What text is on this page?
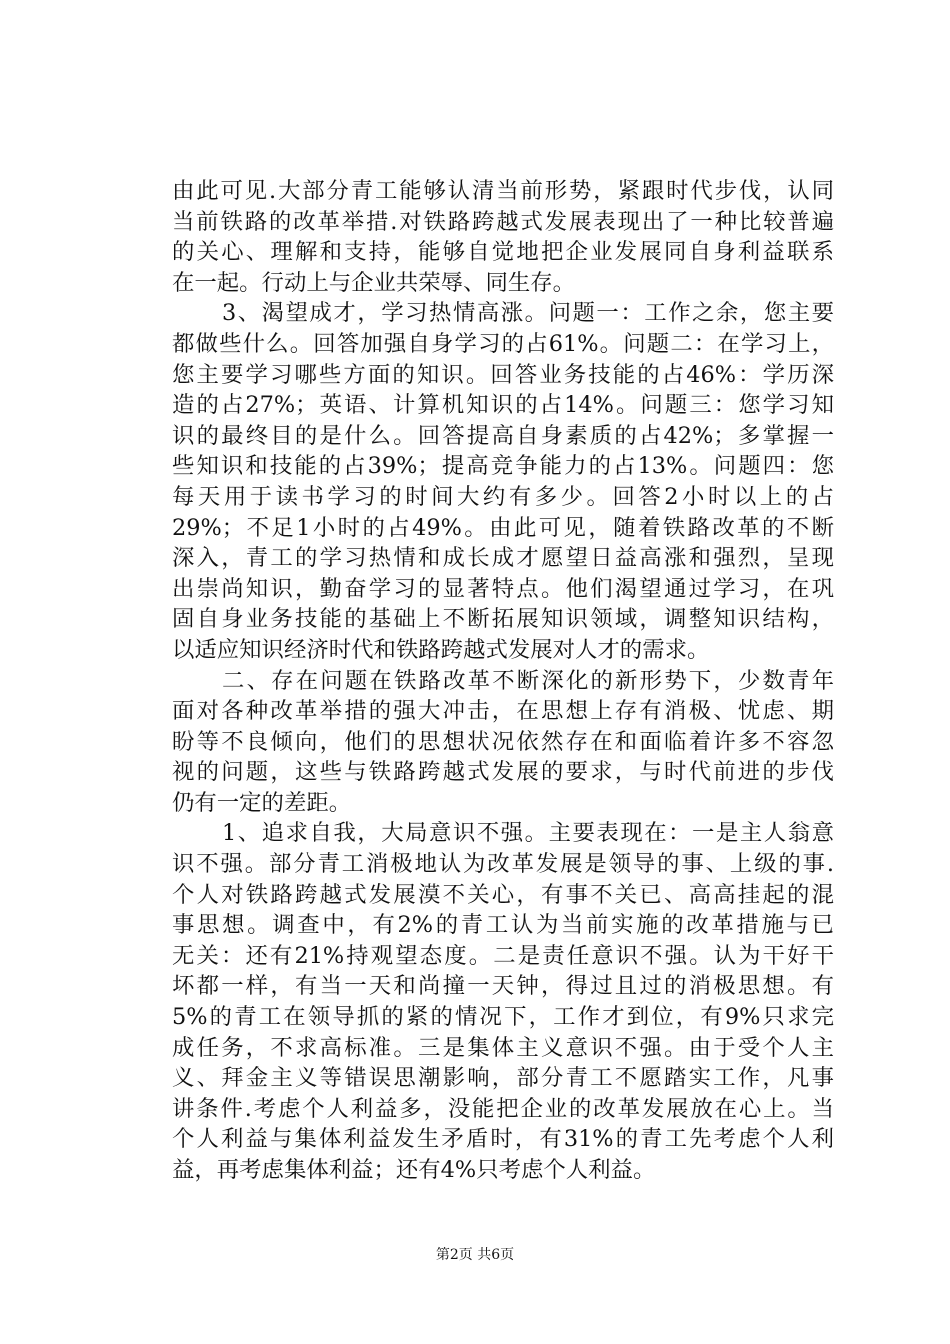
由此可见.大部分青工能够认清当前形势，紧跟时代步伐，认同
当前铁路的改革举措.对铁路跨越式发展表现出了一种比较普遍
的关心、理解和支持，能够自觉地把企业发展同自身利益联系
在一起。行动上与企业共荣辱、同生存。
3、渴望成才，学习热情高涨。问题一：工作之余，您主要
都做些什么。回答加强自身学习的占61%。问题二：在学习上，
您主要学习哪些方面的知识。回答业务技能的占46%：学历深
造的占27%；英语、计算机知识的占14%。问题三：您学习知
识的最终目的是什么。回答提高自身素质的占42%；多掌握一
些知识和技能的占39%；提高竞争能力的占13%。问题四：您
每天用于读书学习的时间大约有多少。回答2小时以上的占
29%；不足1小时的占49%。由此可见，随着铁路改革的不断
深入，青工的学习热情和成长成才愿望日益高涨和强烈，呈现
出崇尚知识，勤奋学习的显著特点。他们渴望通过学习，在巩
固自身业务技能的基础上不断拓展知识领域，调整知识结构，
以适应知识经济时代和铁路跨越式发展对人才的需求。
二、存在问题在铁路改革不断深化的新形势下，少数青年
面对各种改革举措的强大冲击，在思想上存有消极、忧虑、期
盼等不良倾向，他们的思想状况依然存在和面临着许多不容忽
视的问题，这些与铁路跨越式发展的要求，与时代前进的步伐
仍有一定的差距。
1、追求自我，大局意识不强。主要表现在：一是主人翁意
识不强。部分青工消极地认为改革发展是领导的事、上级的事.
个人对铁路跨越式发展漠不关心，有事不关已、高高挂起的混
事思想。调查中，有2%的青工认为当前实施的改革措施与已
无关：还有21%持观望态度。二是责任意识不强。认为干好干
坏都一样，有当一天和尚撞一天钟，得过且过的消极思想。有
5%的青工在领导抓的紧的情况下，工作才到位，有9%只求完
成任务，不求高标准。三是集体主义意识不强。由于受个人主
义、拜金主义等错误思潮影响，部分青工不愿踏实工作，凡事
讲条件.考虑个人利益多，没能把企业的改革发展放在心上。当
个人利益与集体利益发生矛盾时，有31%的青工先考虑个人利
益，再考虑集体利益；还有4%只考虑个人利益。
第2页 共6页
